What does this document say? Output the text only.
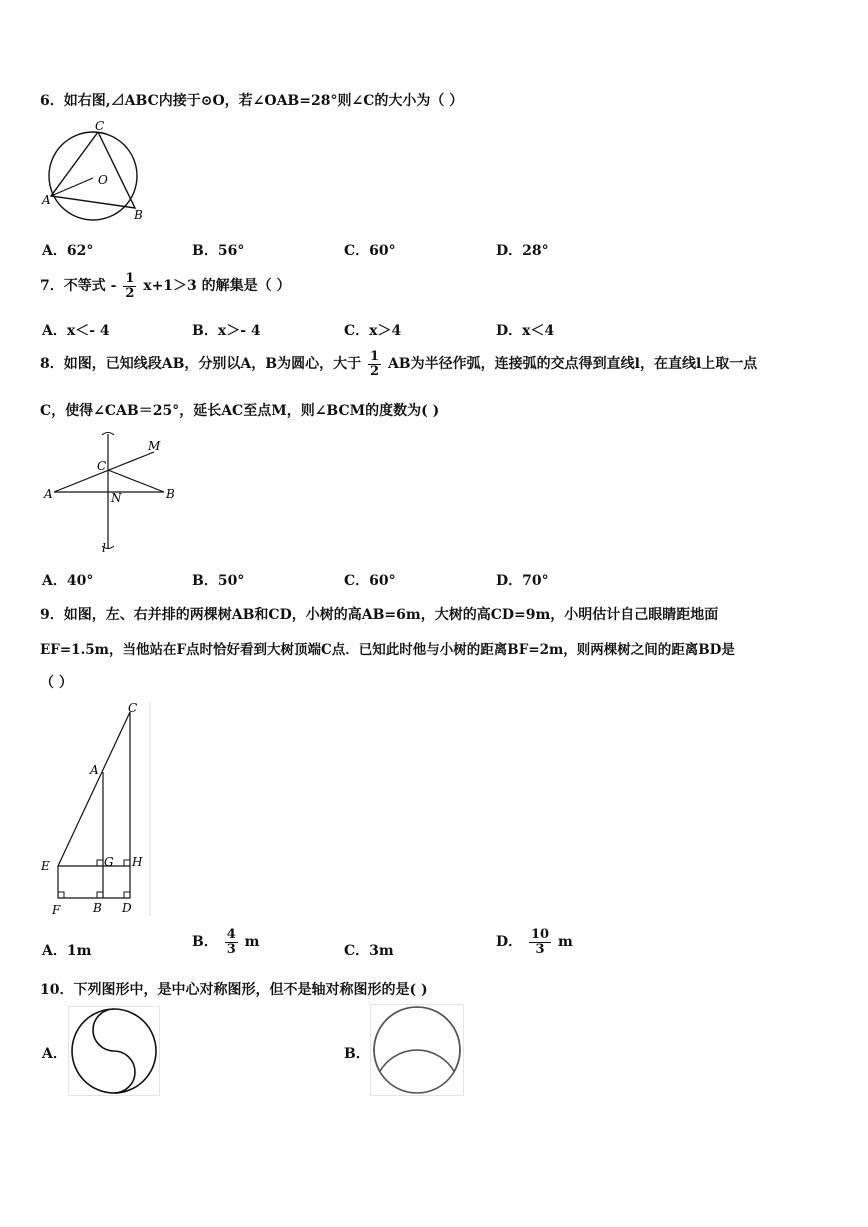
6．如右图,⊿ABC内接于⊙O，若∠OAB=28°则∠C的大小为（ ）
C
O
A
B
A．62°	B．56°	C．60°	D．28°
7．不等式 - $\frac{1}{2} x+1>3$ 的解集是（ ）
A．x＜- 4	B．x＞- 4	C．x＞4	D．x＜4
8．如图，已知线段AB，分别以A，B为圆心，大于 $\frac{1}{2}$ AB为半径作弧，连接弧的交点得到直线l，在直线l上取一点
C，使得∠CAB＝25°，延长AC至点M，则∠BCM的度数为( )
M
C
A	N	B
l
A．40°	B．50°	C．60°	D．70°
9．如图，左、右并排的两棵树AB和CD，小树的高AB=6m，大树的高CD=9m，小明估计自己眼睛距地面
EF=1.5m，当他站在F点时恰好看到大树顶端C点．已知此时他与小树的距离BF=2m，则两棵树之间的距离BD是
（ ）
C
A
E	G H
F	B D
A．1m
B． $\frac{4}{3}$ m
C．3m
D． $\frac{10}{3}$ m
10．下列图形中，是中心对称图形，但不是轴对称图形的是( )
A．	B．
